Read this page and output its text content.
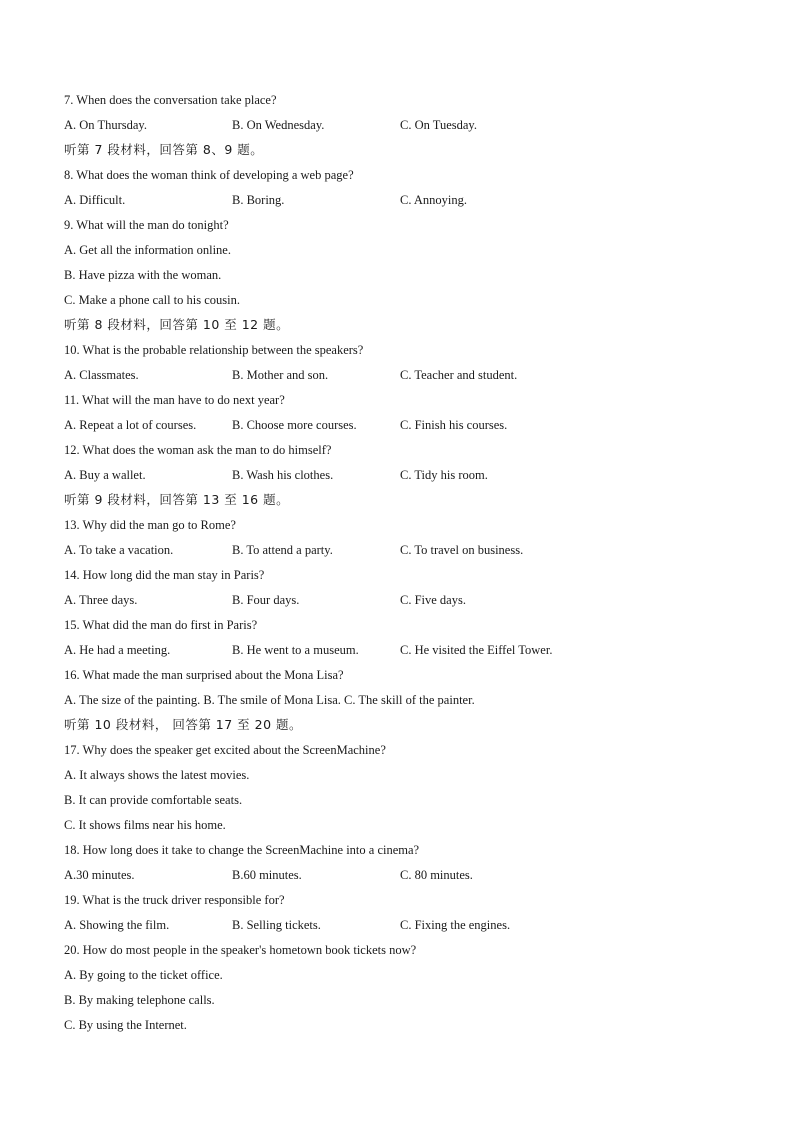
7. When does the conversation take place?
A. On Thursday.	B. On Wednesday.	C. On Tuesday.
听第 7 段材料，回答第 8、9 题。
8. What does the woman think of developing a web page?
A. Difficult.	B. Boring.	C. Annoying.
9. What will the man do tonight?
A. Get all the information online.
B. Have pizza with the woman.
C. Make a phone call to his cousin.
听第 8 段材料，回答第 10 至 12 题。
10. What is the probable relationship between the speakers?
A. Classmates.	B. Mother and son.	C. Teacher and student.
11. What will the man have to do next year?
A. Repeat a lot of courses.	B. Choose more courses.	C. Finish his courses.
12. What does the woman ask the man to do himself?
A. Buy a wallet.	B. Wash his clothes.	C. Tidy his room.
听第 9 段材料，回答第 13 至 16 题。
13. Why did the man go to Rome?
A. To take a vacation.	B. To attend a party.	C. To travel on business.
14. How long did the man stay in Paris?
A. Three days.	B. Four days.	C. Five days.
15. What did the man do first in Paris?
A. He had a meeting.	B. He went to a museum.	C. He visited the Eiffel Tower.
16. What made the man surprised about the Mona Lisa?
A. The size of the painting. B. The smile of Mona Lisa. C. The skill of the painter.
听第 10 段材料， 回答第 17 至 20 题。
17. Why does the speaker get excited about the ScreenMachine?
A. It always shows the latest movies.
B. It can provide comfortable seats.
C. It shows films near his home.
18. How long does it take to change the ScreenMachine into a cinema?
A.30 minutes.	B.60 minutes.	C. 80 minutes.
19. What is the truck driver responsible for?
A. Showing the film.	B. Selling tickets.	C. Fixing the engines.
20. How do most people in the speaker's hometown book tickets now?
A. By going to the ticket office.
B. By making telephone calls.
C. By using the Internet.
